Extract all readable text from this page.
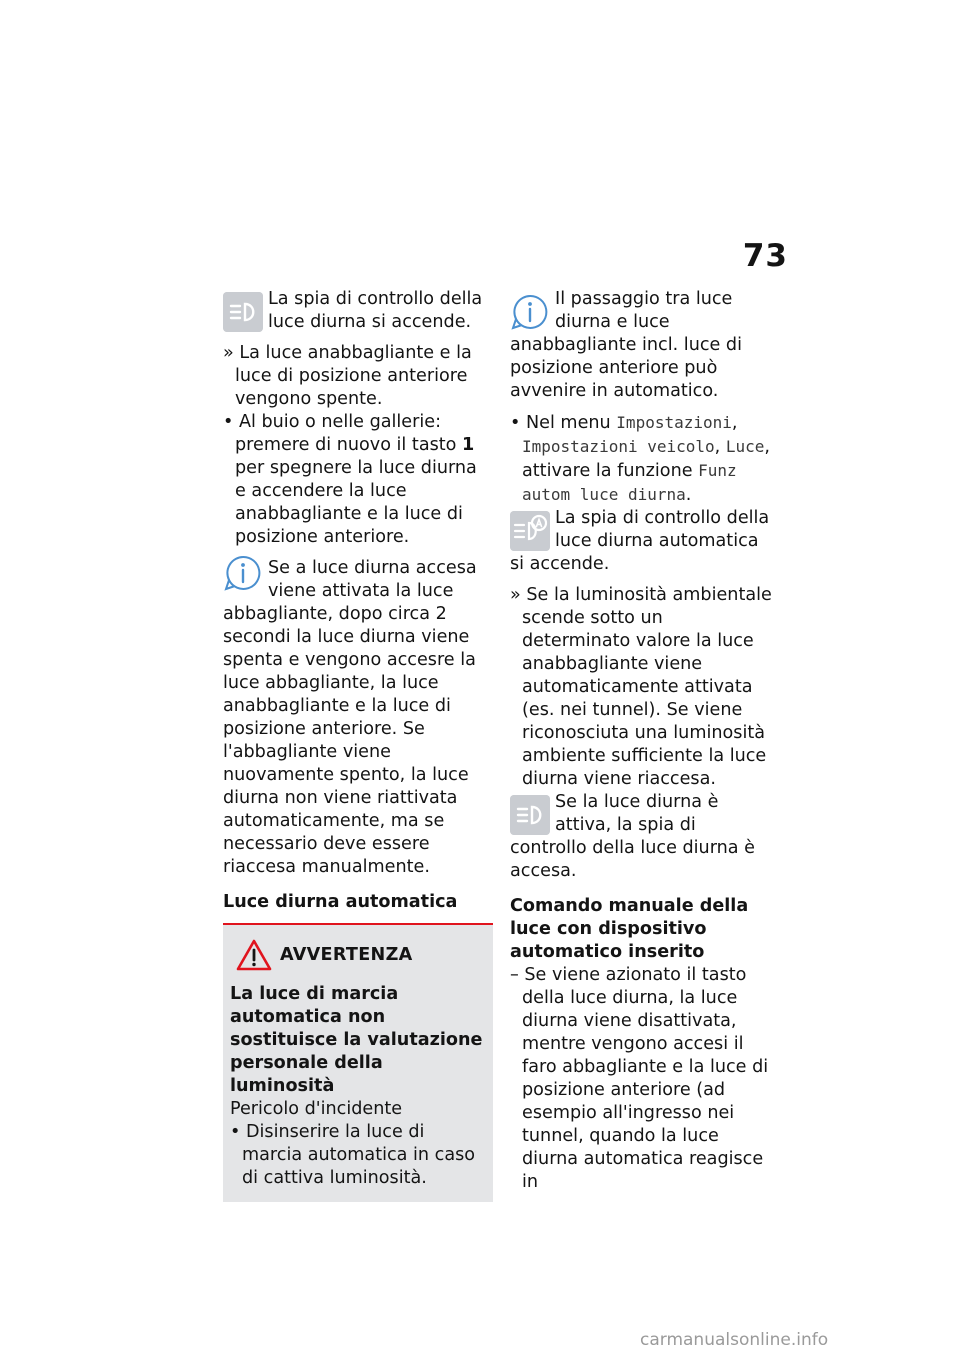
73

La spia di controllo della luce diurna si accende.

» La luce anabbagliante e la luce di posizione anteriore vengono spente.

• Al buio o nelle gallerie: premere di nuovo il tasto 1 per spegnere la luce diurna e accendere la luce anabbagliante e la luce di posizione anteriore.

Se a luce diurna accesa viene attivata la luce abbagliante, dopo circa 2 secondi la luce diurna viene spenta e vengono accesre la luce abbagliante, la luce anabbagliante e la luce di posizione anteriore. Se l'abbagliante viene nuovamente spento, la luce diurna non viene riattivata automaticamente, ma se necessario deve essere riaccesa manualmente.

Luce diurna automatica

AVVERTENZA

La luce di marcia automatica non sostituisce la valutazione personale della luminosità

Pericolo d'incidente

• Disinserire la luce di marcia automatica in caso di cattiva luminosità.

Il passaggio tra luce diurna e luce anabbagliante incl. luce di posizione anteriore può avvenire in automatico.

• Nel menu Impostazioni, Impostazioni veicolo, Luce, attivare la funzione Funz autom luce diurna.

La spia di controllo della luce diurna automatica si accende.

» Se la luminosità ambientale scende sotto un determinato valore la luce anabbagliante viene automaticamente attivata (es. nei tunnel). Se viene riconosciuta una luminosità ambiente sufficiente la luce diurna viene riaccesa.

Se la luce diurna è attiva, la spia di controllo della luce diurna è accesa.

Comando manuale della luce con dispositivo automatico inserito

– Se viene azionato il tasto della luce diurna, la luce diurna viene disattivata, mentre vengono accesi il faro abbagliante e la luce di posizione anteriore (ad esempio all'ingresso nei tunnel, quando la luce diurna automatica reagisce in

carmanualsonline.info
